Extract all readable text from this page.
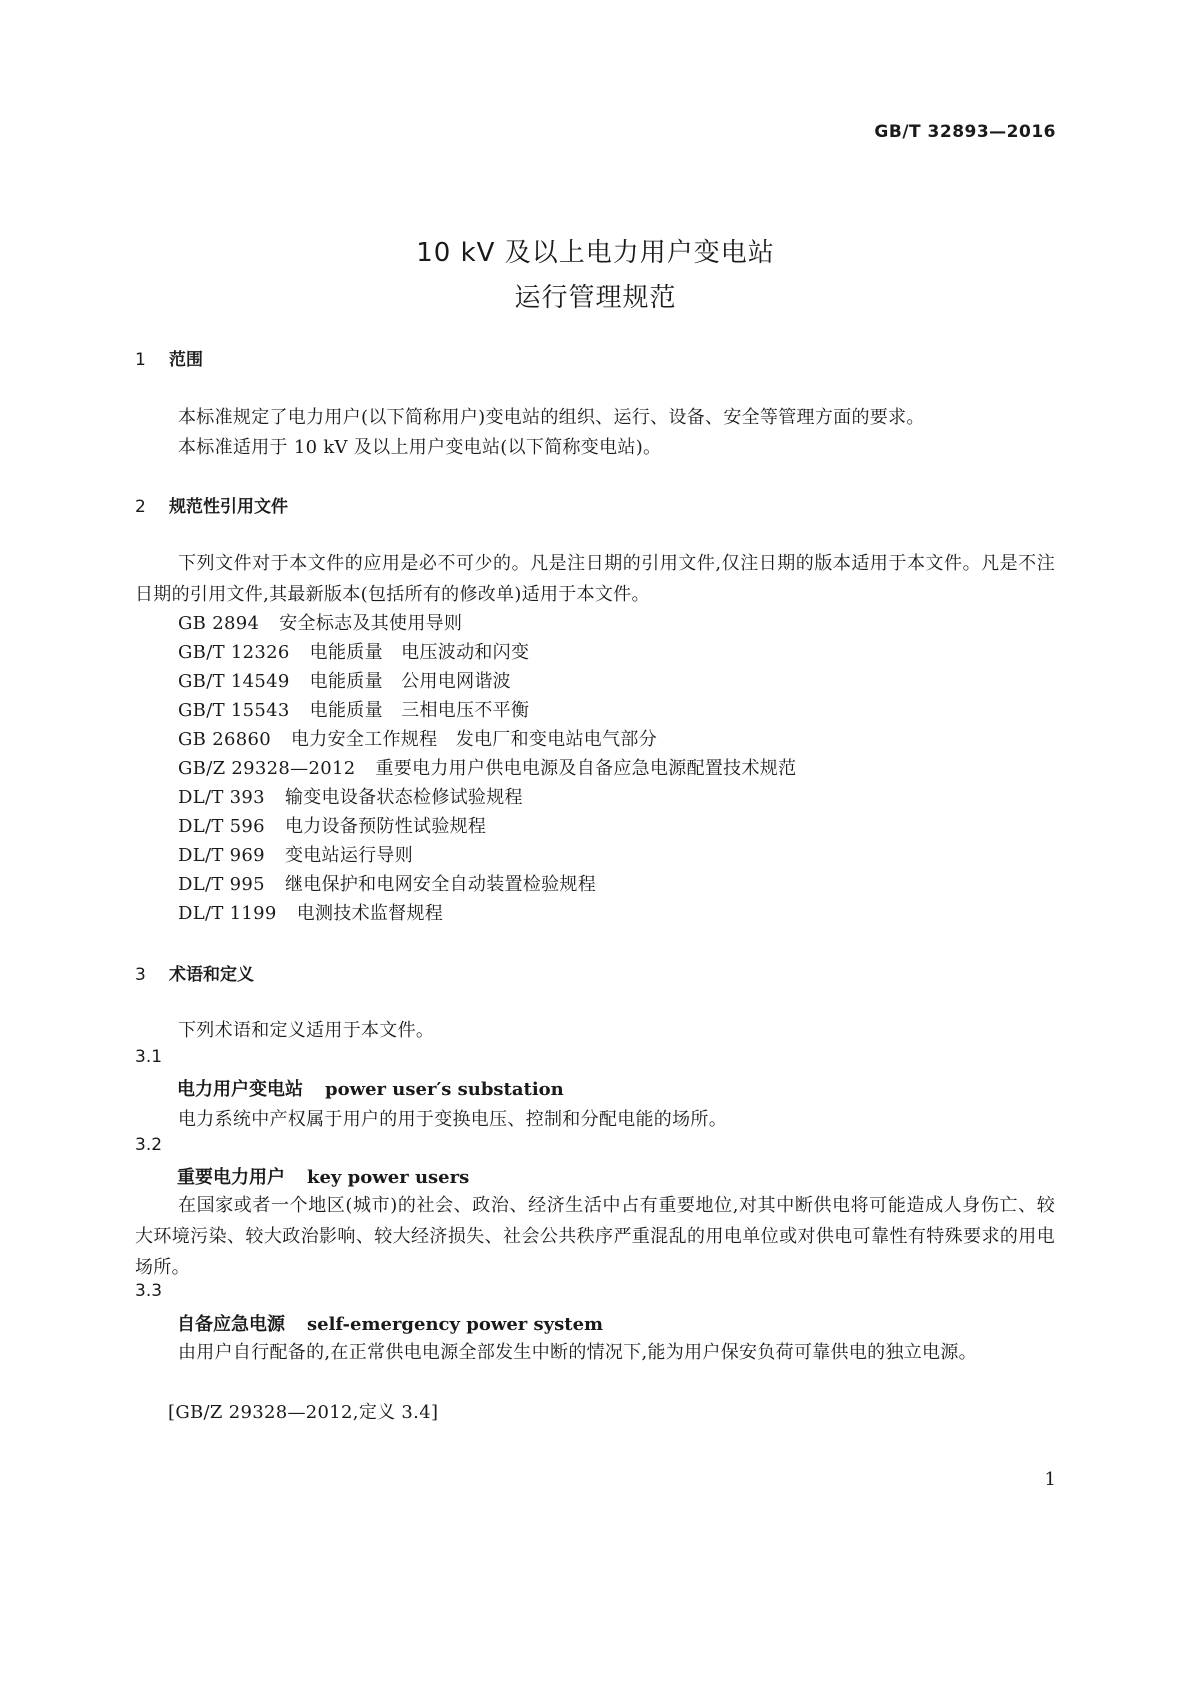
GB/T 32893—2016
10 kV 及以上电力用户变电站
运行管理规范
1 范围
本标准规定了电力用户(以下简称用户)变电站的组织、运行、设备、安全等管理方面的要求。
本标准适用于 10 kV 及以上用户变电站(以下简称变电站)。
2 规范性引用文件
下列文件对于本文件的应用是必不可少的。凡是注日期的引用文件,仅注日期的版本适用于本文件。凡是不注日期的引用文件,其最新版本(包括所有的修改单)适用于本文件。
GB 2894 安全标志及其使用导则
GB/T 12326 电能质量　电压波动和闪变
GB/T 14549 电能质量　公用电网谐波
GB/T 15543 电能质量　三相电压不平衡
GB 26860 电力安全工作规程　发电厂和变电站电气部分
GB/Z 29328—2012 重要电力用户供电电源及自备应急电源配置技术规范
DL/T 393 输变电设备状态检修试验规程
DL/T 596 电力设备预防性试验规程
DL/T 969 变电站运行导则
DL/T 995 继电保护和电网安全自动装置检验规程
DL/T 1199 电测技术监督规程
3 术语和定义
下列术语和定义适用于本文件。
3.1
电力用户变电站 power user′s substation
电力系统中产权属于用户的用于变换电压、控制和分配电能的场所。
3.2
重要电力用户 key power users
在国家或者一个地区(城市)的社会、政治、经济生活中占有重要地位,对其中断供电将可能造成人身伤亡、较大环境污染、较大政治影响、较大经济损失、社会公共秩序严重混乱的用电单位或对供电可靠性有特殊要求的用电场所。
3.3
自备应急电源 self-emergency power system
由用户自行配备的,在正常供电电源全部发生中断的情况下,能为用户保安负荷可靠供电的独立电源。
[GB/Z 29328—2012,定义 3.4]
1
